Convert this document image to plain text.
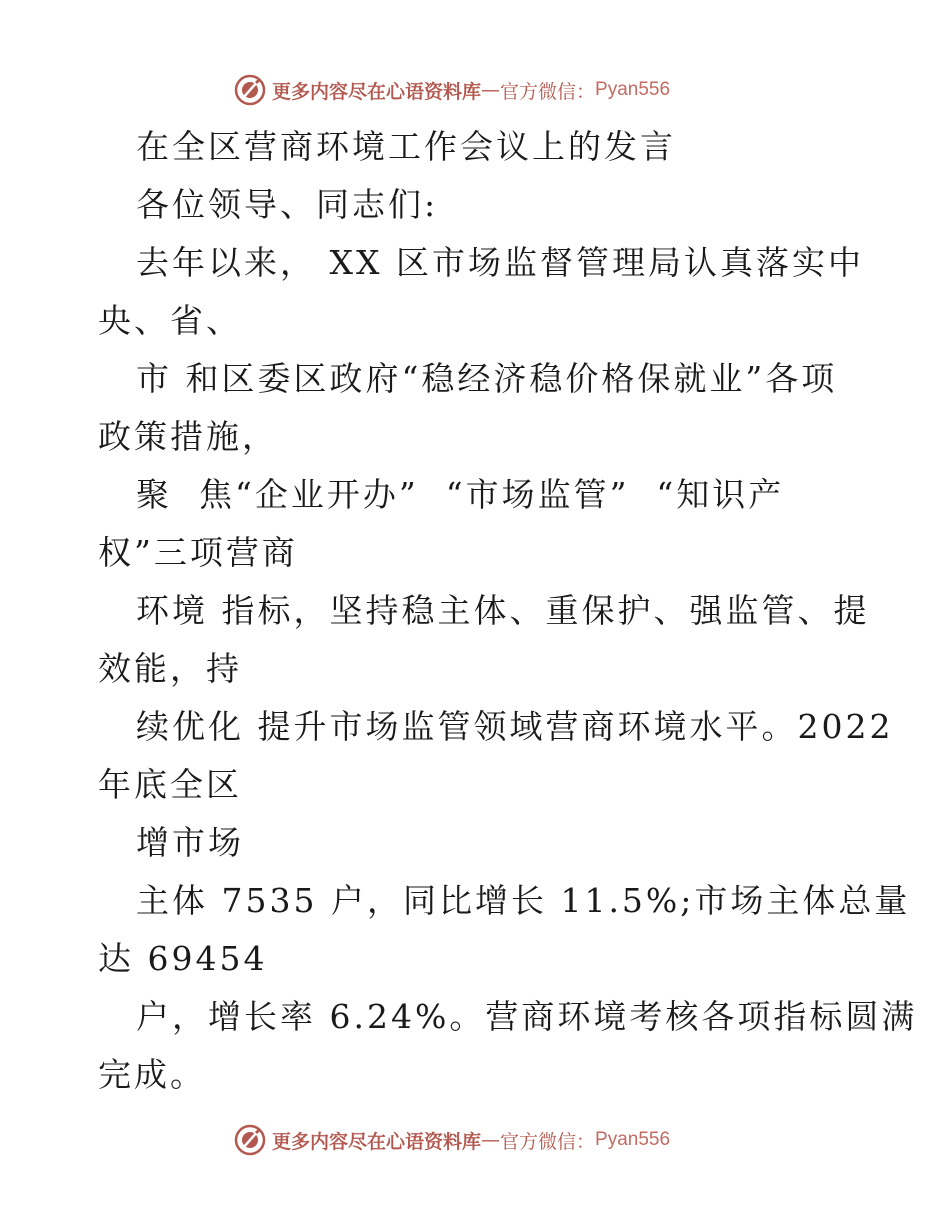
更多内容尽在心语资料库 — 官方微信： Pyan556
在全区营商环境工作会议上的发言
各位领导、同志们:
去年以来， XX 区市场监督管理局认真落实中
央、省、
市 和区委区政府“稳经济稳价格保就业”各项
政策措施，
聚  焦“企业开办”  “市场监管”  “知识产
权”三项营商
环境 指标，坚持稳主体、重保护、强监管、提
效能，持
续优化 提升市场监管领域营商环境水平。2022
年底全区
增市场
主体 7535 户，同比增长 11.5%;市场主体总量
达 69454
户，增长率 6.24%。营商环境考核各项指标圆满
完成。
更多内容尽在心语资料库 — 官方微信： Pyan556
